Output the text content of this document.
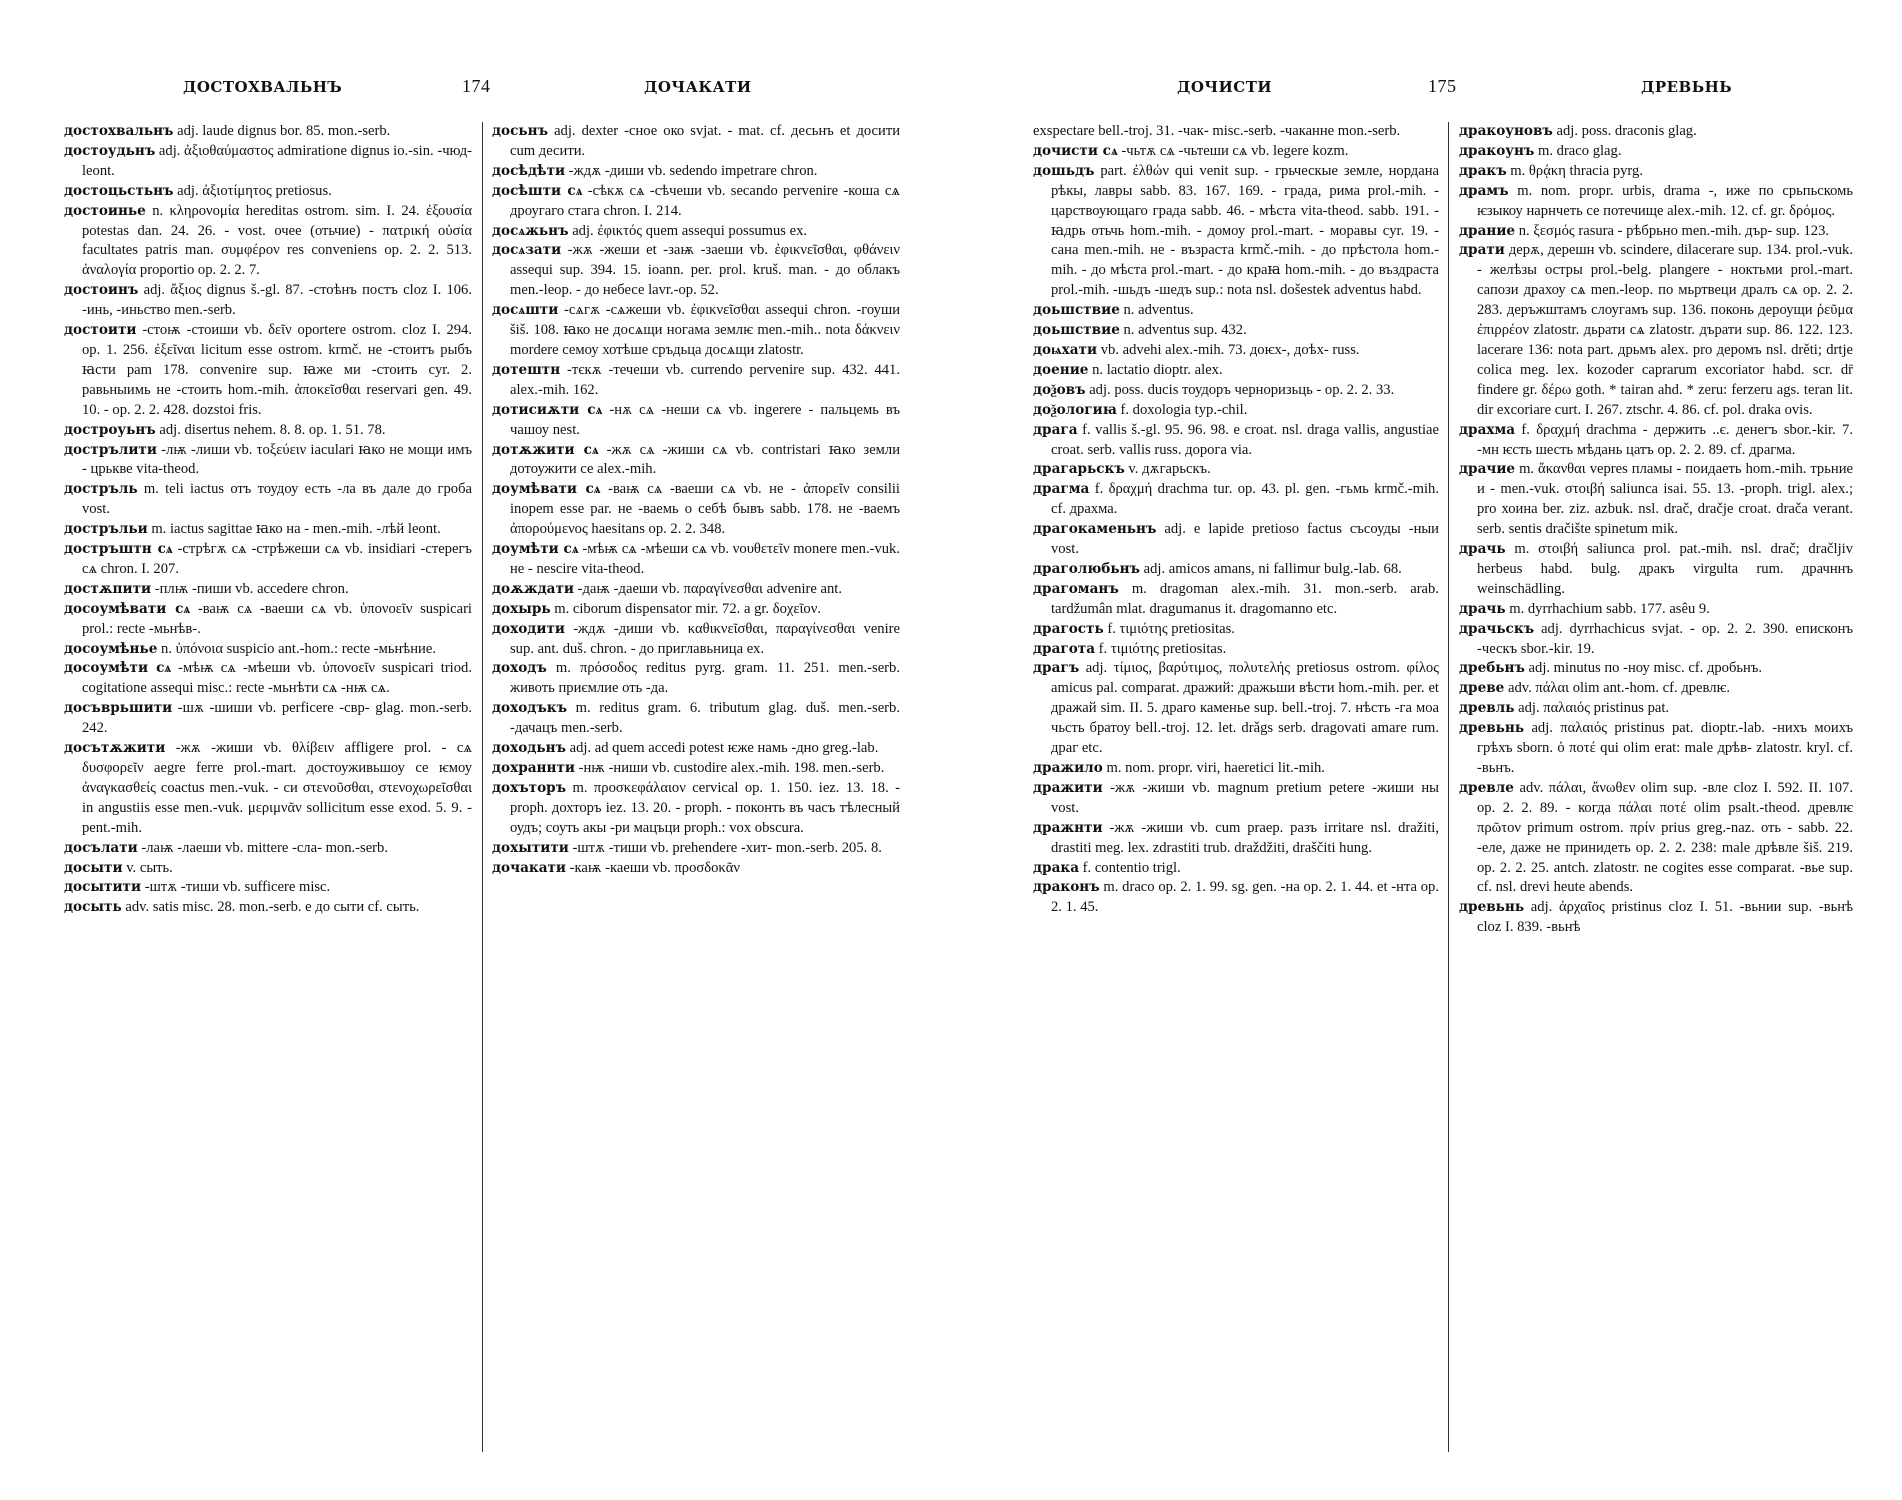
ДОСТОХВАЛЬНЪ	174	ДОЧАКАТИ

достохвальнъ adj. laude dignus bor. 85. mon.-serb.

достоудьнъ adj. ἀξιοθαύμαστος admiratione dignus io.-sin. -чюд- leont.

достоцьстьнъ adj. ἀξιοτίμητος pretiosus.

достоинье n. κληρονομία hereditas ostrom. sim. I. 24. ἐξουσία potestas dan. 24. 26. - vost. очее (отьчие) - πατρική οὐσία facultates patris man. συμφέρον res conveniens op. 2. 2. 513. ἀναλογία proportio op. 2. 2. 7.

достоинъ adj. ἄξιος dignus š.-gl. 87. -стоѣнъ постъ cloz I. 106. -инь, -иньство men.-serb.

достоити -стоѭ -стоиши vb. δεῖν oportere ostrom. cloz I. 294. op. 1. 256. ἐξεῖναι licitum esse ostrom. krmč. не -стоитъ рыбъ ꙗсти pam 178. convenire sup. ꙗже ми -стоить cyr. 2. равьныимь не -стоить hom.-mih. ἀποκεῖσθαι reservari gen. 49. 10. - op. 2. 2. 428. dozstoi fris.

достроуьнъ adj. disertus nehem. 8. 8. op. 1. 51. 78.

дострълити -лѭ -лиши vb. τοξεύειν iaculari ꙗко не мощи имъ - црькве vita-theod.

достръль m. teli iactus отъ тоудоу есть -ла въ дале до гроба vost.

достръльи m. iactus sagittae ꙗко на - men.-mih. -лѣй leont.

достръштн сѧ -стрѣгѫ сѧ -стрѣжеши сѧ vb. insidiari -стерегъ сѧ chron. I. 207.

достѫпити -плѭ -пиши vb. accedere chron.

досоумѣвати сѧ -ваѭ сѧ -ваеши сѧ vb. ὑπονοεῖν suspicari prol.: recte -мьнѣв-.

досоумѣнье n. ὑπόνοια suspicio ant.-hom.: recte -мьнѣние.

досоумѣти сѧ -мѣѭ сѧ -мѣеши vb. ὑπονοεῖν suspicari triod. cogitatione assequi misc.: recte -мьнѣти сѧ -нѭ сѧ.

досъврьшити -шѫ -шиши vb. perficere -свр- glag. mon.-serb. 242.

досътѫжити -жѫ -жиши vb. θλίβειν affligere prol. - сѧ δυσφορεῖν aegre ferre prol.-mart. достоуживьшоу се ѥмоу ἀναγκασθείς coactus men.-vuk. - си στενοῦσθαι, στενοχωρεῖσθαι in angustiis esse men.-vuk. μεριμνᾶν sollicitum esse exod. 5. 9. - pent.-mih.

досълати -лаѭ -лаеши vb. mittere -сла- mon.-serb.

досыти v. сыть.

досытити -штѫ -тиши vb. sufficere misc.

досыть adv. satis misc. 28. mon.-serb. е до сыти cf. сыть.

досьнъ adj. dexter -сное око svjat. - mat. cf. десьнъ et досити cum десити.

досѣдѣти -ждѫ -диши vb. sedendo impetrare chron.

досѣшти сѧ -сѣкѫ сѧ -сѣчеши vb. secando pervenire -коша сѧ дроугаго стага chron. I. 214.

досѧжьнъ adj. ἐφικτός quem assequi possumus ex.

досѧзати -жѫ -жеши et -заѭ -заеши vb. ἐφικνεῖσθαι, φθάνειν assequi sup. 394. 15. ioann. per. prol. kruš. man. - до облакъ men.-leop. - до небесе lavr.-op. 52.

досѧшти -сѧгѫ -сѧжеши vb. ἐφικνεῖσθαι assequi chron. -гоуши šiš. 108. ꙗко не досѧщи ногама землѥ men.-mih.. nota δάκνειν mordere семоу хотѣше сръдьца досѧщи zlatostr.

дотештн -тєкѫ -течеши vb. currendo pervenire sup. 432. 441. alex.-mih. 162.

дотисиѫти сѧ -нѫ сѧ -неши сѧ vb. ingerere - пальцемь въ чашоу nest.

дотѫжити сѧ -жѫ сѧ -жиши сѧ vb. contristari ꙗко земли дотоужити се alex.-mih.

доумѣвати сѧ -ваѭ сѧ -ваеши сѧ vb. не - ἀπορεῖν consilii inopem esse par. не -ваемь о себѣ бывъ sabb. 178. не -ваемъ ἀπορούμενος haesitans op. 2. 2. 348.

доумѣти сѧ -мѣѭ сѧ -мѣеши сѧ vb. νουθετεῖν monere men.-vuk. не - nescire vita-theod.

доѫждати -даѭ -даеши vb. παραγίνεσθαι advenire ant.

дохырь m. ciborum dispensator mir. 72. a gr. δοχεῖον.

доходити -ждѫ -диши vb. καθικνεῖσθαι, παραγίνεσθαι venire sup. ant. duš. chron. - до приглавьница ex.

доходъ m. πρόσοδος reditus pyrg. gram. 11. 251. men.-serb. животь приємлие оть -да.

доходъкъ m. reditus gram. 6. tributum glag. duš. men.-serb. -дачацъ men.-serb.

доходьнъ adj. ad quem accedi potest ѥже намь -дно greg.-lab.

дохраннти -нѭ -ниши vb. custodire alex.-mih. 198. men.-serb.

дохъторъ m. προσκεφάλαιον cervical op. 1. 150. iez. 13. 18. - proph. дохторъ iez. 13. 20. - proph. - поконть въ часъ тѣлесный оудъ; соуть акы -ри мацъци proph.: vox obscura.

дохытити -штѫ -тиши vb. prehendere -хит- mon.-serb. 205. 8.

дочакати -каѭ -каеши vb. προσδοκᾶν

ДОЧИСТИ	175	ДРЕВЬНЬ

exspectare bell.-troj. 31. -чак- misc.-serb. -чаканне mon.-serb.

дочисти сѧ -чьтѫ сѧ -чьтеши сѧ vb. legere kozm.

дошьдъ part. ἐλθών qui venit sup. - грьческые земле, нордана рѣкы, лавры sabb. 83. 167. 169. - града, рима prol.-mih. - царствоующаго града sabb. 46. - мѣста vita-theod. sabb. 191. - ꙗдрь отьчь hom.-mih. - домоу prol.-mart. - моравы cyr. 19. - сана men.-mih. не - възраста krmč.-mih. - до прѣстола hom.-mih. - до мѣста prol.-mart. - до краꙗ hom.-mih. - до въздраста prol.-mih. -шьдъ -шедъ sup.: nota nsl. došestek adventus habd.

доьшствие n. adventus.

доьшствие n. adventus sup. 432.

доѩхати vb. advehi alex.-mih. 73. доѥх-, доѣх- russ.

доение n. lactatio dioptr. alex.

доѯовъ adj. poss. ducis тоудоръ черноризьць - op. 2. 2. 33.

доѯологиꙗ f. doxologia typ.-chil.

драга f. vallis š.-gl. 95. 96. 98. e croat. nsl. draga vallis, angustiae croat. serb. vallis russ. дорога via.

драгарьскъ v. дѫгарьскъ.

драгма f. δραχμή drachma tur. op. 43. pl. gen. -гьмь krmč.-mih. cf. драхма.

драгокаменьнъ adj. e lapide pretioso factus съсоуды -ныи vost.

драголюбьнъ adj. amicos amans, ni fallimur bulg.-lab. 68.

драгоманъ m. dragoman alex.-mih. 31. mon.-serb. arab. tardžumân mlat. dragumanus it. dragomanno etc.

драгость f. τιμιότης pretiositas.

драгота f. τιμιότης pretiositas.

драгъ adj. τίμιος, βαρύτιμος, πολυτελής pretiosus ostrom. φίλος amicus pal. comparat. дражий: дражьши вѣсти hom.-mih. per. et дражай sim. II. 5. драго каменье sup. bell.-troj. 7. нѣсть -га моа чьсть братоу bell.-troj. 12. let. drǎgs serb. dragovati amare rum. драг etc.

дражило m. nom. propr. viri, haeretici lit.-mih.

дражити -жѫ -жиши vb. magnum pretium petere -жиши ны vost.

дражнти -жѫ -жиши vb. cum praep. разъ irritare nsl. dražiti, drastiti meg. lex. zdrastiti trub. draždžiti, draščiti hung.

драка f. contentio trigl.

драконъ m. draco op. 2. 1. 99. sg. gen. -на op. 2. 1. 44. et -нта op. 2. 1. 45.

дракоуновъ adj. poss. draconis glag.

дракоунъ m. draco glag.

дракъ m. θρᾴκη thracia pyrg.

драмъ m. nom. propr. urbis, drama -, иже по срьпьскомь ѥзыкоу нарнчеть се потечище alex.-mih. 12. cf. gr. δρόμος.

драние n. ξεσμός rasura - рѣбрьно men.-mih. дър- sup. 123.

драти дерѫ, дерешн vb. scindere, dilacerare sup. 134. prol.-vuk. - желѣзы остры prol.-belg. plangere - ноктьми prol.-mart. сапози драхоу сѧ men.-leop. по мьртвеци дралъ сѧ op. 2. 2. 283. деръжштамъ слоугамъ sup. 136. поконь дероущи ῥεῦμα ἐπιρρέον zlatostr. дьрати сѧ zlatostr. дърати sup. 86. 122. 123. lacerare 136: nota part. дрьмъ alex. pro деромъ nsl. drěti; drtje colica meg. lex. kozoder caprarum excoriator habd. scr. dr̄ findere gr. δέρω goth. * tairan ahd. * zeru: ferzeru ags. teran lit. dir excoriare curt. I. 267. ztschr. 4. 86. cf. pol. draka ovis.

драхма f. δραχμή drachma - держить ..є. денегъ sbor.-kir. 7. -мн ѥсть шесть мѣдань цатъ op. 2. 2. 89. cf. драгма.

драчие m. ἄκανθαι vepres пламы - поидаеть hom.-mih. трьние и - men.-vuk. στοιβή saliunca isai. 55. 13. -proph. trigl. alex.; pro хоина ber. ziz. azbuk. nsl. drač, dračje croat. drača verant. serb. sentis dračište spinetum mik.

драчь m. στοιβή saliunca prol. pat.-mih. nsl. drač; dračljiv herbeus habd. bulg. дракъ virgulta rum. драчннъ weinschädling.

драчь m. dyrrhachium sabb. 177. asêu 9.

драчьскъ adj. dyrrhachicus svjat. - op. 2. 2. 390. еписконъ -ческъ sbor.-kir. 19.

дребьнъ adj. minutus по -ноу misc. cf. дробьнъ.

древе adv. πάλαι olim ant.-hom. cf. древлѥ.

древль adj. παλαιός pristinus pat.

древьнь adj. παλαιός pristinus pat. dioptr.-lab. -нихъ моихъ грѣхъ sborn. ὁ ποτέ qui olim erat: male дрѣв- zlatostr. kryl. cf. -вьнъ.

древле adv. πάλαι, ἄνωθεν olim sup. -вле cloz I. 592. II. 107. op. 2. 2. 89. - когда πάλαι ποτέ olim psalt.-theod. древлѥ πρῶτον primum ostrom. πρίν prius greg.-naz. оть - sabb. 22. -еле, даже не принидеть op. 2. 2. 238: male дрѣвле šiš. 219. op. 2. 2. 25. antch. zlatostr. ne cogites esse comparat. -вье sup. cf. nsl. drevi heute abends.

древьнь adj. ἀρχαῖος pristinus cloz I. 51. -вьнии sup. -вьнѣ cloz I. 839. -вьнѣ
